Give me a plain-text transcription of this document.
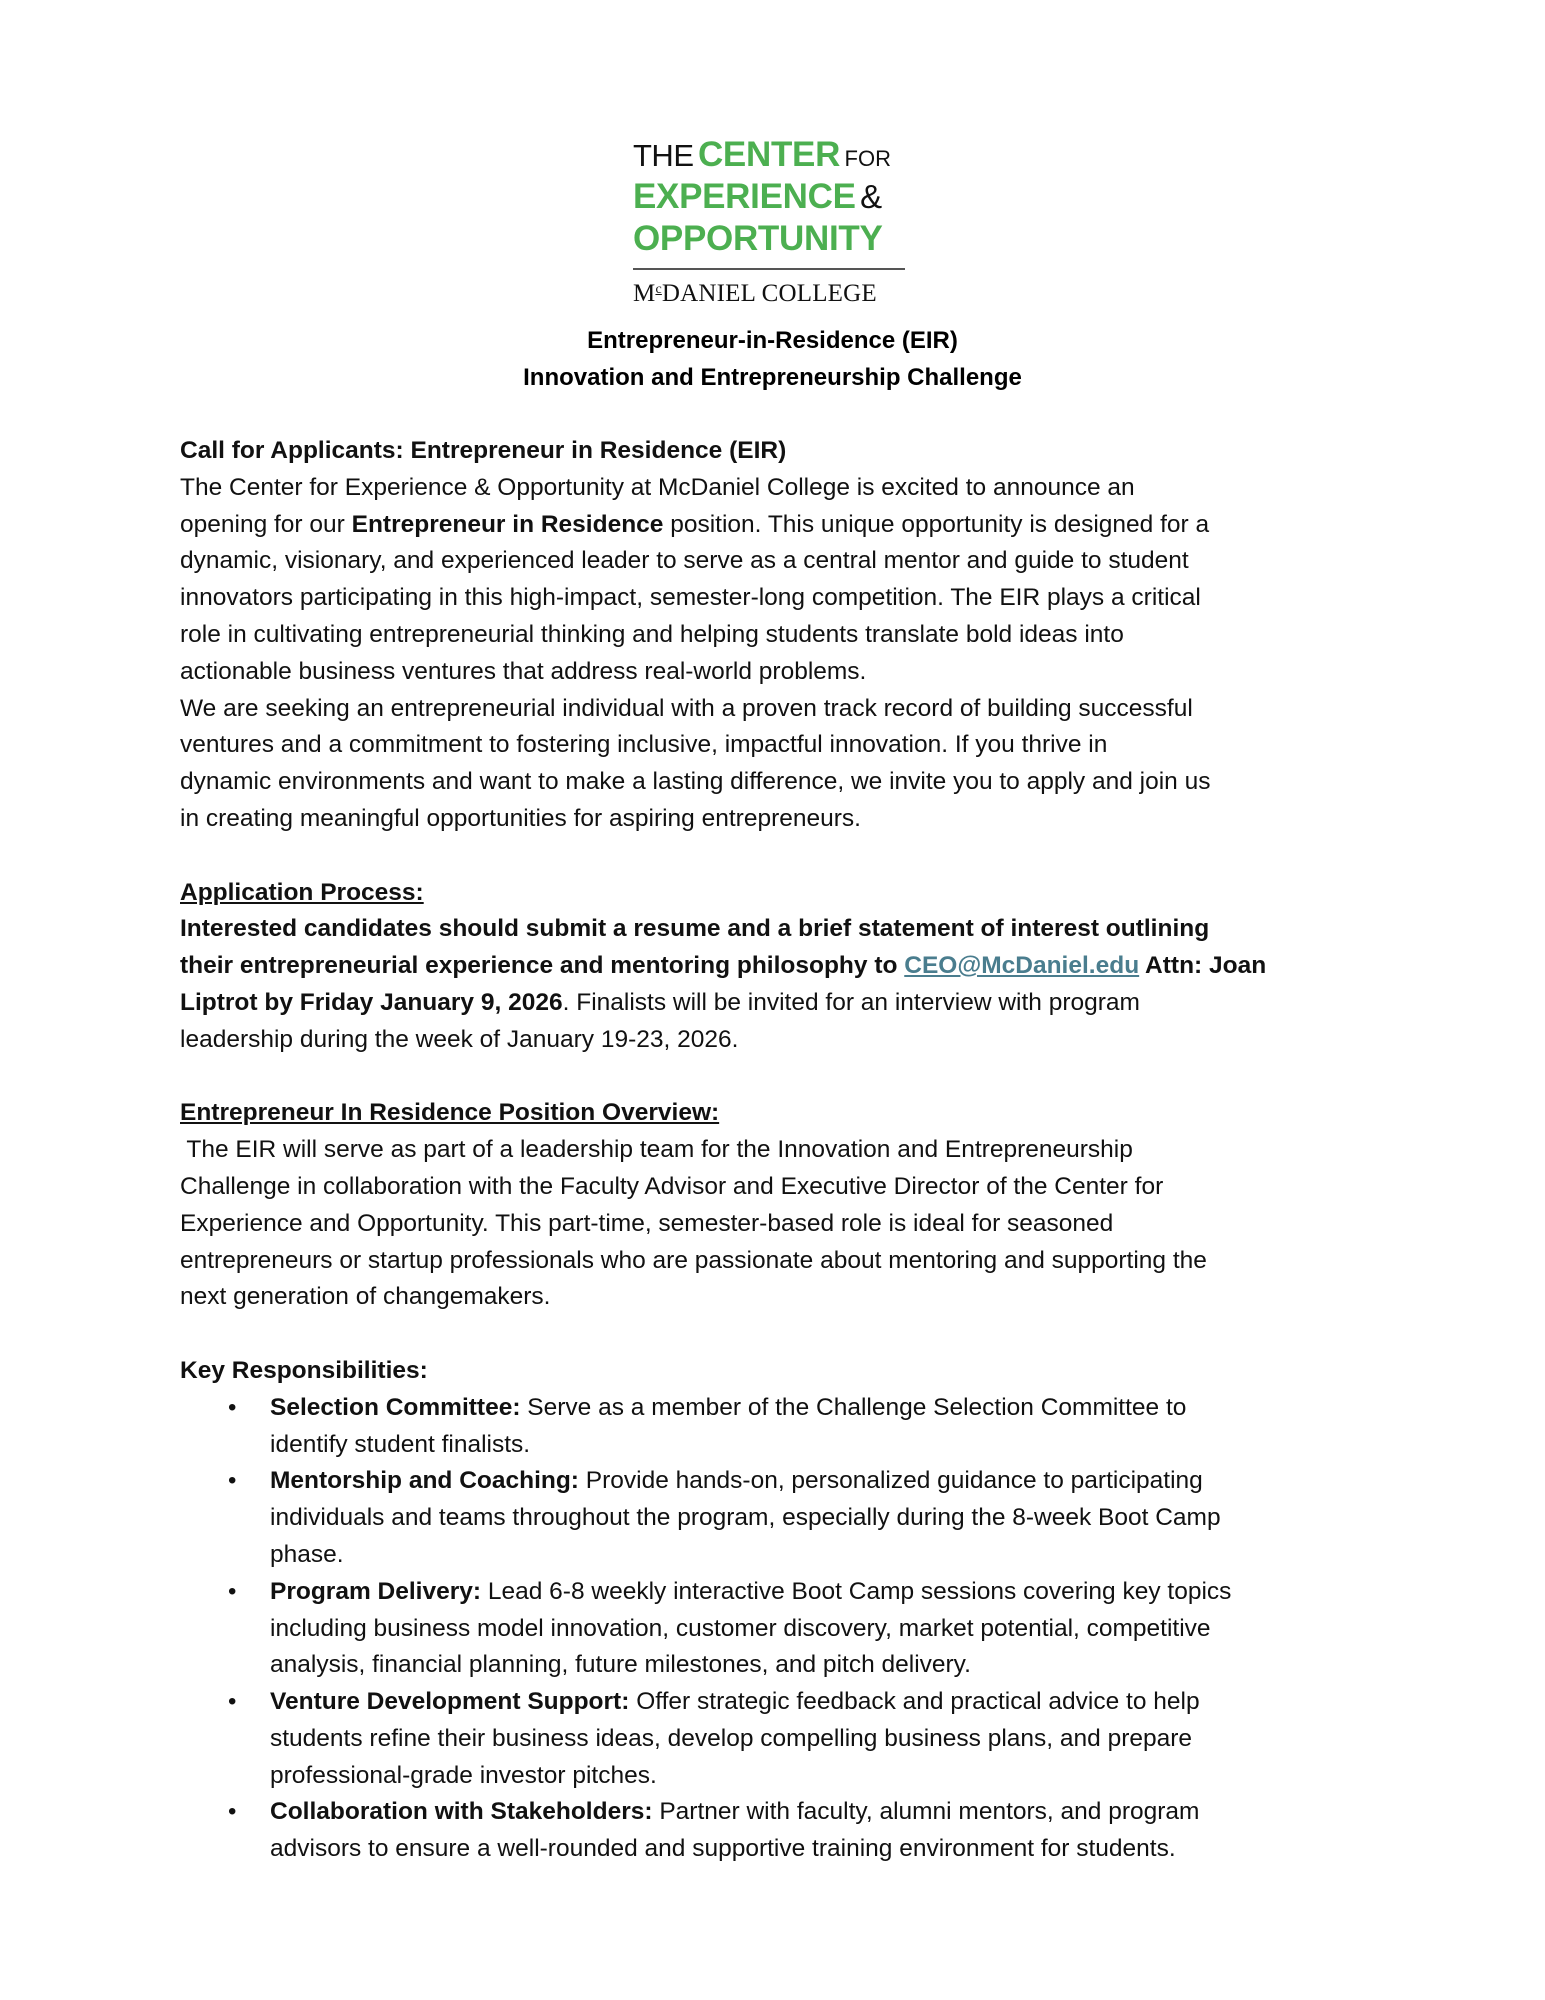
THE CENTER FOR
EXPERIENCE &
OPPORTUNITY
$M^cDANIEL$ COLLEGE
Entrepreneur-in-Residence (EIR)
Innovation and Entrepreneurship Challenge

Call for Applicants: Entrepreneur in Residence (EIR)

The Center for Experience & Opportunity at McDaniel College is excited to announce an
opening for our Entrepreneur in Residence position. This unique opportunity is designed for a
dynamic, visionary, and experienced leader to serve as a central mentor and guide to student
innovators participating in this high-impact, semester-long competition. The EIR plays a critical
role in cultivating entrepreneurial thinking and helping students translate bold ideas into
actionable business ventures that address real-world problems.

We are seeking an entrepreneurial individual with a proven track record of building successful
ventures and a commitment to fostering inclusive, impactful innovation. If you thrive in
dynamic environments and want to make a lasting difference, we invite you to apply and join us
in creating meaningful opportunities for aspiring entrepreneurs.

Application Process:

Interested candidates should submit a resume and a brief statement of interest outlining
their entrepreneurial experience and mentoring philosophy to CEO@McDaniel.edu Attn: Joan
Liptrot by Friday January 9, 2026. Finalists will be invited for an interview with program
leadership during the week of January 19-23, 2026.

Entrepreneur In Residence Position Overview:

The EIR will serve as part of a leadership team for the Innovation and Entrepreneurship
Challenge in collaboration with the Faculty Advisor and Executive Director of the Center for
Experience and Opportunity. This part-time, semester-based role is ideal for seasoned
entrepreneurs or startup professionals who are passionate about mentoring and supporting the
next generation of changemakers.

Key Responsibilities:

• Selection Committee: Serve as a member of the Challenge Selection Committee to
identify student finalists.
• Mentorship and Coaching: Provide hands-on, personalized guidance to participating
individuals and teams throughout the program, especially during the 8-week Boot Camp
phase.
• Program Delivery: Lead 6-8 weekly interactive Boot Camp sessions covering key topics
including business model innovation, customer discovery, market potential, competitive
analysis, financial planning, future milestones, and pitch delivery.
• Venture Development Support: Offer strategic feedback and practical advice to help
students refine their business ideas, develop compelling business plans, and prepare
professional-grade investor pitches.
• Collaboration with Stakeholders: Partner with faculty, alumni mentors, and program
advisors to ensure a well-rounded and supportive training environment for students.
